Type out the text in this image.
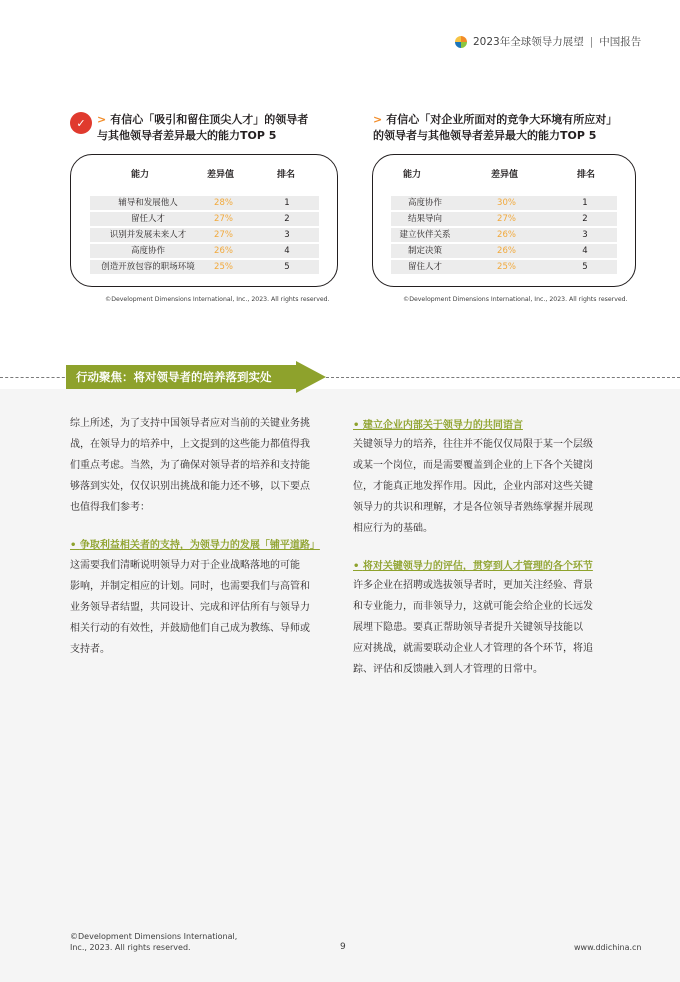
2023年全球领导力展望 | 中国报告
✓	> 有信心「吸引和留住顶尖人才」的领导者
与其他领导者差异最大的能力TOP 5
能力	差异值	排名
辅导和发展他人	28%	1
留任人才	27%	2
识别并发展未来人才	27%	3
高度协作	26%	4
创造开放包容的职场环境	25%	5
©Development Dimensions International, Inc., 2023. All rights reserved.
> 有信心「对企业所面对的竞争大环境有所应对」
的领导者与其他领导者差异最大的能力TOP 5
能力	差异值	排名
高度协作	30%	1
结果导向	27%	2
建立伙伴关系	26%	3
制定决策	26%	4
留住人才	25%	5
©Development Dimensions International, Inc., 2023. All rights reserved.
行动聚焦：将对领导者的培养落到实处

综上所述，为了支持中国领导者应对当前的关键业务挑

战，在领导力的培养中，上文提到的这些能力都值得我

们重点考虑。当然，为了确保对领导者的培养和支持能

够落到实处，仅仅识别出挑战和能力还不够，以下要点

也值得我们参考：

• 争取利益相关者的支持，为领导力的发展「铺平道路」

这需要我们清晰说明领导力对于企业战略落地的可能

影响，并制定相应的计划。同时，也需要我们与高管和

业务领导者结盟，共同设计、完成和评估所有与领导力

相关行动的有效性，并鼓励他们自己成为教练、导师或

支持者。

• 建立企业内部关于领导力的共同语言

关键领导力的培养，往往并不能仅仅局限于某一个层级

或某一个岗位，而是需要覆盖到企业的上下各个关键岗

位，才能真正地发挥作用。因此，企业内部对这些关键

领导力的共识和理解，才是各位领导者熟练掌握并展现

相应行为的基础。

• 将对关键领导力的评估，贯穿到人才管理的各个环节

许多企业在招聘或选拔领导者时，更加关注经验、背景

和专业能力，而非领导力，这就可能会给企业的长远发

展埋下隐患。要真正帮助领导者提升关键领导技能以

应对挑战，就需要联动企业人才管理的各个环节，将追

踪、评估和反馈融入到人才管理的日常中。

©Development Dimensions International,
Inc., 2023. All rights reserved.	9	www.ddichina.cn
